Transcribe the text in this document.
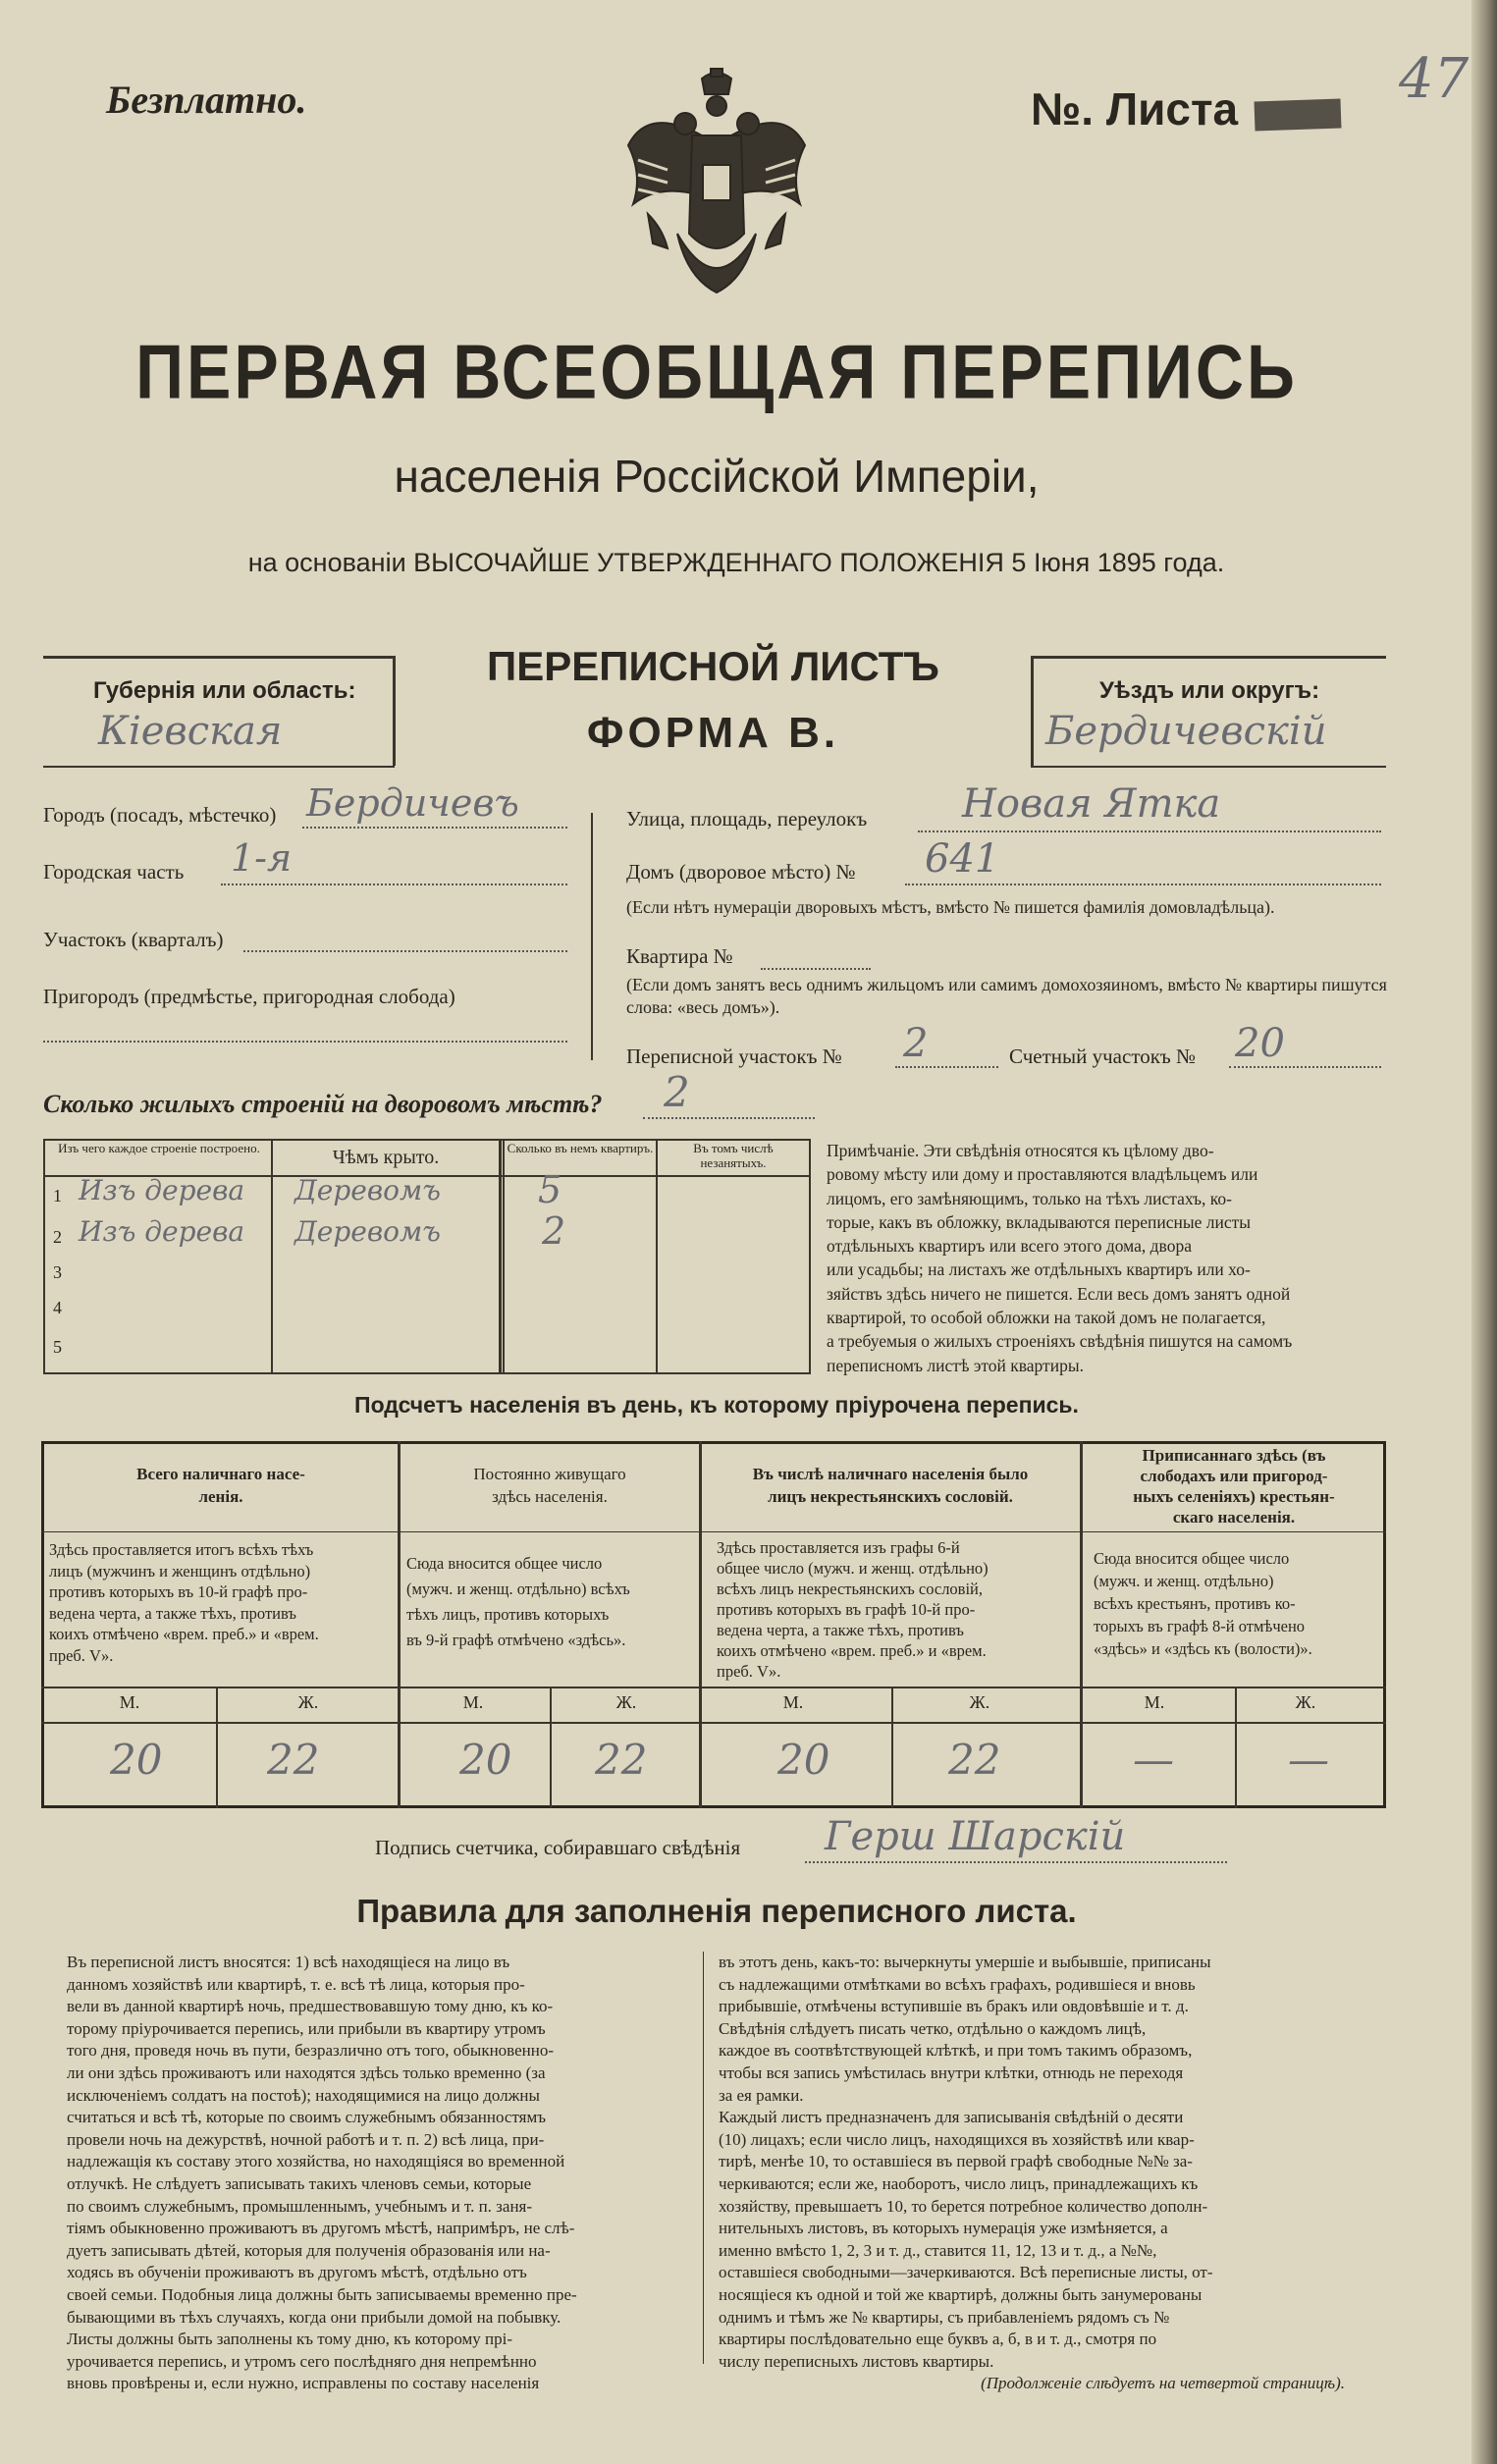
Безплатно.	№. Листа	47
ПЕРВАЯ ВСЕОБЩАЯ ПЕРЕПИСЬ
населенія Россійской Имперіи,
на основаніи ВЫСОЧАЙШЕ УТВЕРЖДЕННАГО ПОЛОЖЕНІЯ 5 Іюня 1895 года.
Губернія или область:
Кіевская
ПЕРЕПИСНОЙ ЛИСТЪ
ФОРМА В.
Уѣздъ или округъ:
Бердичевскій
Городъ (посадъ, мѣстечко) Бердичевъ
Городская часть 1-я
Участокъ (кварталъ)
Пригородъ (предмѣстье, пригородная слобода)
Улица, площадь, переулокъ Новая Ятка
Домъ (дворовое мѣсто) № 641
(Если нѣтъ нумераціи дворовыхъ мѣстъ, вмѣсто № пишется фамилія домовладѣльца).
Квартира №
(Если домъ занятъ весь однимъ жильцомъ или самимъ домохозяиномъ, вмѣсто № квартиры пишутся слова: «весь домъ»).
Переписной участокъ № 2	Счетный участокъ № 20
Сколько жилыхъ строеній на дворовомъ мѣстѣ? 2
Изъ чего каждое строеніе построено.	Чѣмъ крыто.	Сколько въ немъ квартиръ.	Въ томъ числѣ незанятыхъ.
1 Изъ дерева Деревомъ	5
2 Изъ дерева Деревомъ	2
3
4
5
Примѣчаніе. Эти свѣдѣнія относятся къ цѣлому дво-
ровому мѣсту или дому и проставляются владѣльцемъ или
лицомъ, его замѣняющимъ, только на тѣхъ листахъ, ко-
торые, какъ въ обложку, вкладываются переписные листы
отдѣльныхъ квартиръ или всего этого дома, двора
или усадьбы; на листахъ же отдѣльныхъ квартиръ или хо-
зяйствъ здѣсь ничего не пишется. Если весь домъ занятъ одной
квартирой, то особой обложки на такой домъ не полагается,
а требуемыя о жилыхъ строеніяхъ свѣдѣнія пишутся на самомъ
переписномъ листѣ этой квартиры.
Подсчетъ населенія въ день, къ которому пріурочена перепись.
Всего наличнаго насе-
ленія.
Здѣсь проставляется итогъ всѣхъ тѣхъ
лицъ (мужчинъ и женщинъ отдѣльно)
противъ которыхъ въ 10-й графѣ про-
ведена черта, а также тѣхъ, противъ
коихъ отмѣчено «врем. преб.» и «врем.
преб. V».
М.	Ж.
20	22
Постоянно живущаго
здѣсь населенія.
Сюда вносится общее число
(мужч. и женщ. отдѣльно) всѣхъ
тѣхъ лицъ, противъ которыхъ
въ 9-й графѣ отмѣчено «здѣсь».
М.	Ж.
20 22
Въ числѣ наличнаго населенія было
лицъ некрестьянскихъ сословій.
Здѣсь проставляется изъ графы 6-й
общее число (мужч. и женщ. отдѣльно)
всѣхъ лицъ некрестьянскихъ сословій,
противъ которыхъ въ графѣ 10-й про-
ведена черта, а также тѣхъ, противъ
коихъ отмѣчено «врем. преб.» и «врем.
преб. V».
М.	Ж.
20	22
Приписаннаго здѣсь (въ
слободахъ или пригород-
ныхъ селеніяхъ) крестьян-
скаго населенія.
Сюда вносится общее число
(мужч. и женщ. отдѣльно)
всѣхъ крестьянъ, противъ ко-
торыхъ въ графѣ 8-й отмѣчено
«здѣсь» и «здѣсь къ (волости)».
М.	Ж.
—	—
Подпись счетчика, собиравшаго свѣдѣнія Герш Шарскій
Правила для заполненія переписного листа.
Въ переписной листъ вносятся: 1) всѣ находящіеся на лицо въ
данномъ хозяйствѣ или квартирѣ, т. е. всѣ тѣ лица, которыя про-
вели въ данной квартирѣ ночь, предшествовавшую тому дню, къ ко-
торому пріурочивается перепись, или прибыли въ квартиру утромъ
того дня, проведя ночь въ пути, безразлично отъ того, обыкновенно-
ли они здѣсь проживаютъ или находятся здѣсь только временно (за
исключеніемъ солдатъ на постоѣ); находящимися на лицо должны
считаться и всѣ тѣ, которые по своимъ служебнымъ обязанностямъ
провели ночь на дежурствѣ, ночной работѣ и т. п. 2) всѣ лица, при-
надлежащія къ составу этого хозяйства, но находящіяся во временной
отлучкѣ. Не слѣдуетъ записывать такихъ членовъ семьи, которые
по своимъ служебнымъ, промышленнымъ, учебнымъ и т. п. заня-
тіямъ обыкновенно проживаютъ въ другомъ мѣстѣ, напримѣръ, не слѣ-
дуетъ записывать дѣтей, которыя для полученія образованія или на-
ходясь въ обученіи проживаютъ въ другомъ мѣстѣ, отдѣльно отъ
своей семьи. Подобныя лица должны быть записываемы временно пре-
бывающими въ тѣхъ случаяхъ, когда они прибыли домой на побывку.
Листы должны быть заполнены къ тому дню, къ которому прі-
урочивается перепись, и утромъ сего послѣдняго дня непремѣнно
вновь провѣрены и, если нужно, исправлены по составу населенія
въ этотъ день, какъ-то: вычеркнуты умершіе и выбывшіе, приписаны
съ надлежащими отмѣтками во всѣхъ графахъ, родившіеся и вновь
прибывшіе, отмѣчены вступившіе въ бракъ или овдовѣвшіе и т. д.
Свѣдѣнія слѣдуетъ писать четко, отдѣльно о каждомъ лицѣ,
каждое въ соотвѣтствующей клѣткѣ, и при томъ такимъ образомъ,
чтобы вся запись умѣстилась внутри клѣтки, отнюдь не переходя
за ея рамки.
Каждый листъ предназначенъ для записыванія свѣдѣній о десяти
(10) лицахъ; если число лицъ, находящихся въ хозяйствѣ или квар-
тирѣ, менѣе 10, то оставшіеся въ первой графѣ свободные №№ за-
черкиваются; если же, наоборотъ, число лицъ, принадлежащихъ къ
хозяйству, превышаетъ 10, то берется потребное количество дополн-
нительныхъ листовъ, въ которыхъ нумерація уже измѣняется, а
именно вмѣсто 1, 2, 3 и т. д., ставится 11, 12, 13 и т. д., а №№,
оставшіеся свободными—зачеркиваются. Всѣ переписные листы, от-
носящіеся къ одной и той же квартирѣ, должны быть занумерованы
однимъ и тѣмъ же № квартиры, съ прибавленіемъ рядомъ съ №
квартиры послѣдовательно еще буквъ а, б, в и т. д., смотря по
числу переписныхъ листовъ квартиры.
(Продолженіе слѣдуетъ на четвертой страницѣ).
